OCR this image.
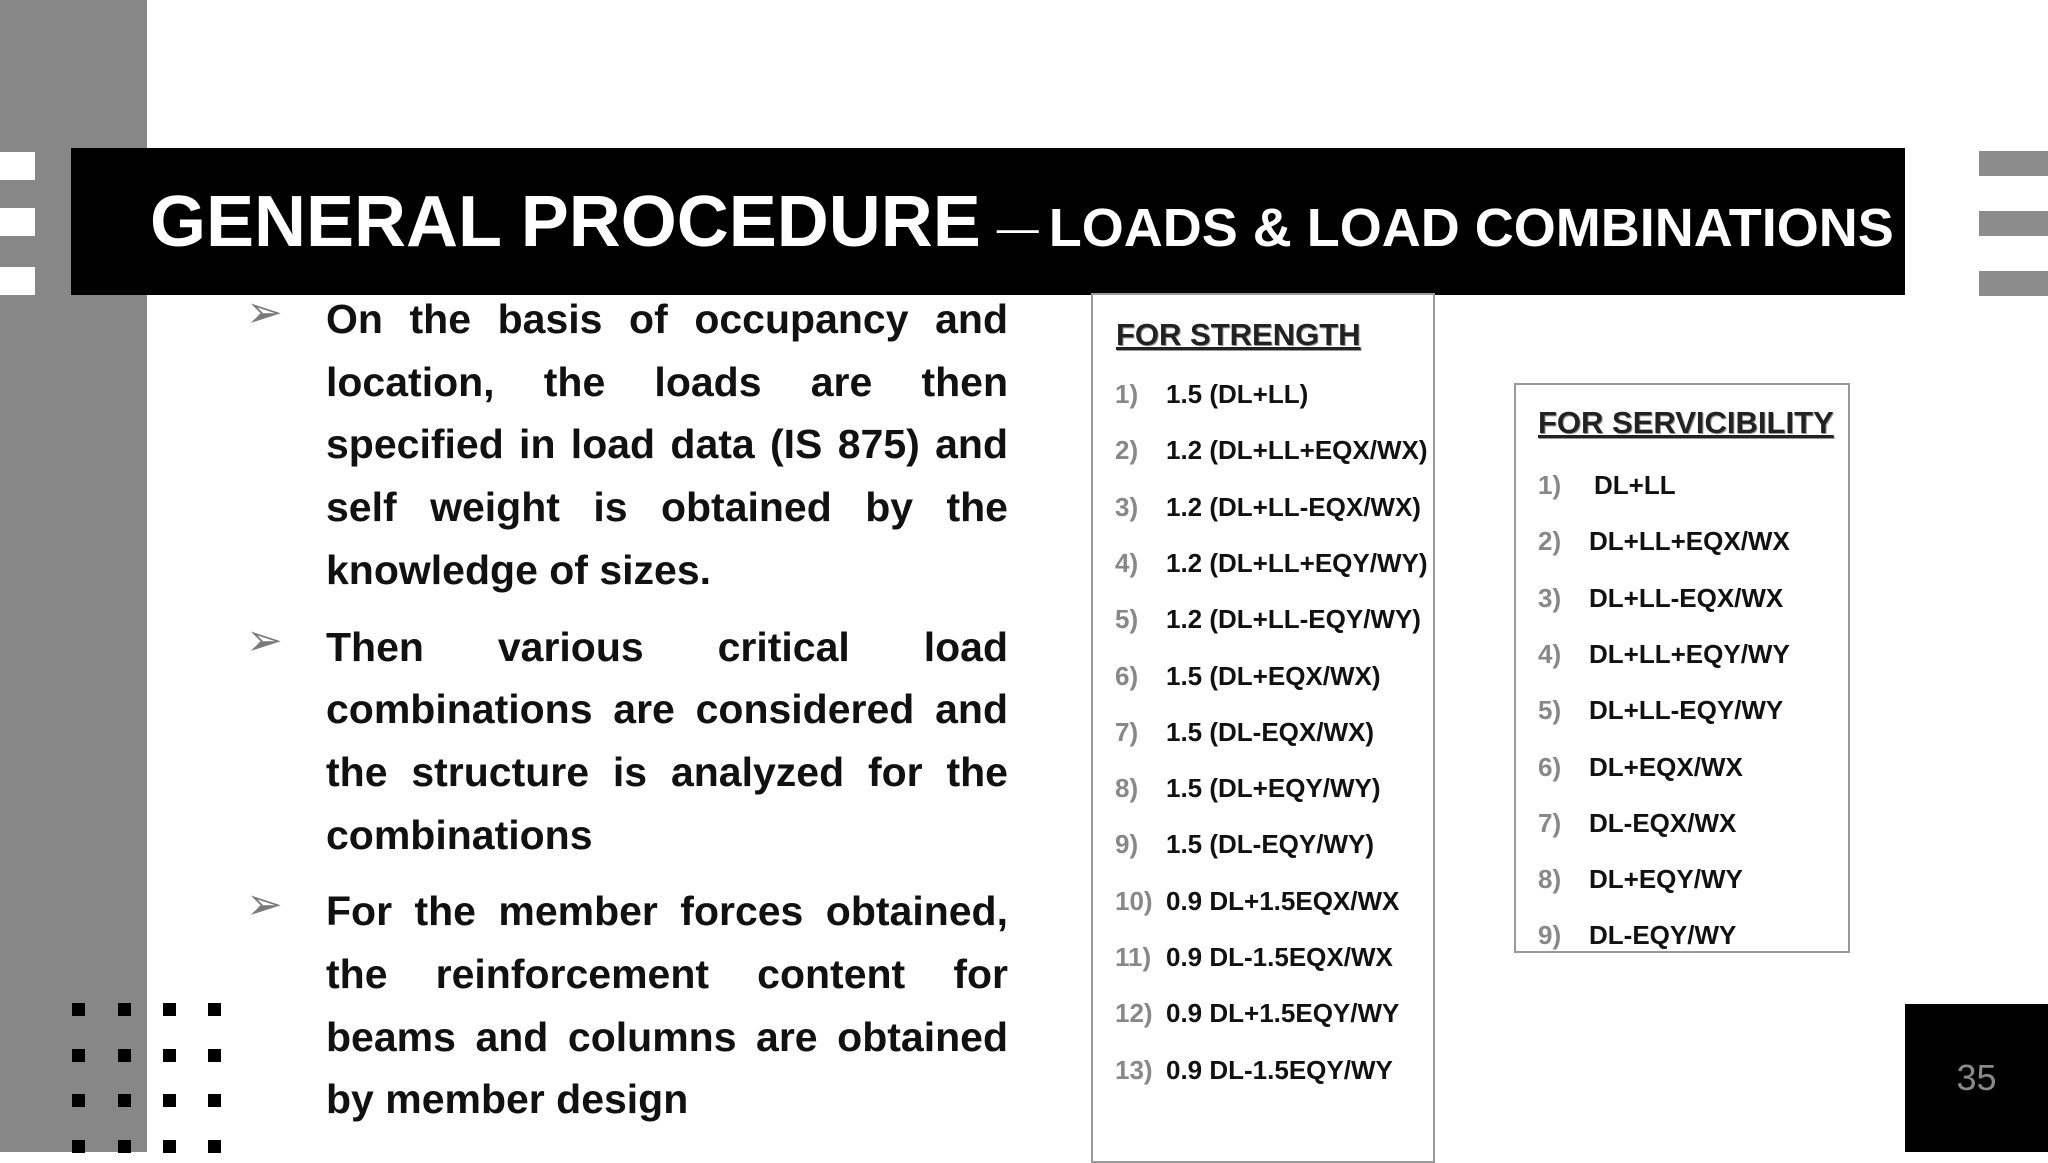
GENERAL PROCEDURE — LOADS & LOAD COMBINATIONS
➢	On the basis of occupancy and location, the loads are then specified in load data (IS 875) and self weight is obtained by the knowledge of sizes.
➢	Then various critical load combinations are considered and the structure is analyzed for the combinations
➢	For the member forces obtained, the reinforcement content for beams and columns are obtained by member design
FOR STRENGTH
1) 1.5 (DL+LL)
2) 1.2 (DL+LL+EQX/WX)
3) 1.2 (DL+LL-EQX/WX)
4) 1.2 (DL+LL+EQY/WY)
5) 1.2 (DL+LL-EQY/WY)
6) 1.5 (DL+EQX/WX)
7) 1.5 (DL-EQX/WX)
8) 1.5 (DL+EQY/WY)
9) 1.5 (DL-EQY/WY)
10) 0.9 DL+1.5EQX/WX
11) 0.9 DL-1.5EQX/WX
12) 0.9 DL+1.5EQY/WY
13) 0.9 DL-1.5EQY/WY
FOR SERVICIBILITY
1) DL+LL
2) DL+LL+EQX/WX
3) DL+LL-EQX/WX
4) DL+LL+EQY/WY
5) DL+LL-EQY/WY
6) DL+EQX/WX
7) DL-EQX/WX
8) DL+EQY/WY
9) DL-EQY/WY
35
